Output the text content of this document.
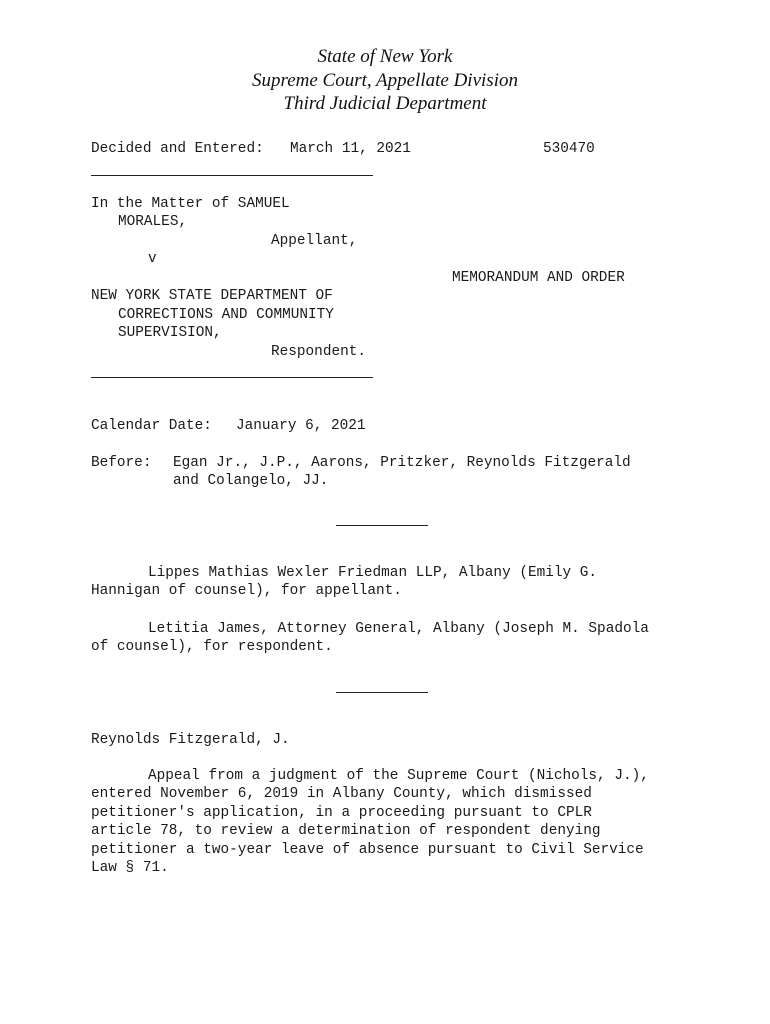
State of New York
Supreme Court, Appellate Division
Third Judicial Department
Decided and Entered: March 11, 2021	530470
In the Matter of SAMUEL
MORALES,
Appellant,
v
MEMORANDUM AND ORDER
NEW YORK STATE DEPARTMENT OF
CORRECTIONS AND COMMUNITY
SUPERVISION,
Respondent.
Calendar Date: January 6, 2021
Before: Egan Jr., J.P., Aarons, Pritzker, Reynolds Fitzgerald
and Colangelo, JJ.
Lippes Mathias Wexler Friedman LLP, Albany (Emily G.
Hannigan of counsel), for appellant.
Letitia James, Attorney General, Albany (Joseph M. Spadola
of counsel), for respondent.
Reynolds Fitzgerald, J.
Appeal from a judgment of the Supreme Court (Nichols, J.),
entered November 6, 2019 in Albany County, which dismissed
petitioner's application, in a proceeding pursuant to CPLR
article 78, to review a determination of respondent denying
petitioner a two-year leave of absence pursuant to Civil Service
Law § 71.
